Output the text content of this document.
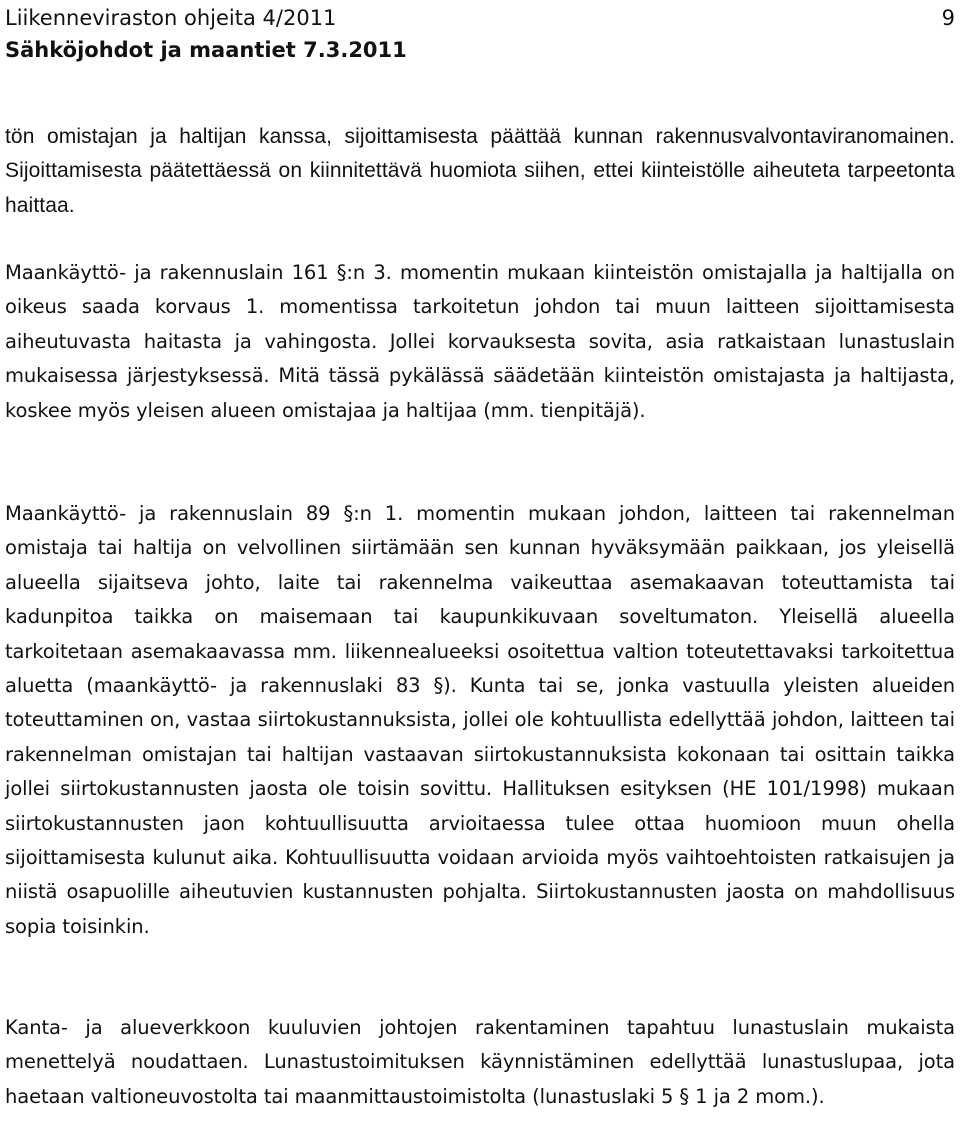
Liikenneviraston ohjeita 4/2011
Sähköjohdot ja maantiet 7.3.2011
9

tön omistajan ja haltijan kanssa, sijoittamisesta päättää kunnan rakennusvalvontaviranomainen. Sijoittamisesta päätettäessä on kiinnitettävä huomiota siihen, ettei kiinteistölle aiheuteta tarpeetonta haittaa.

Maankäyttö- ja rakennuslain 161 §:n 3. momentin mukaan kiinteistön omistajalla ja haltijalla on oikeus saada korvaus 1. momentissa tarkoitetun johdon tai muun laitteen sijoittamisesta aiheutuvasta haitasta ja vahingosta. Jollei korvauksesta sovita, asia ratkaistaan lunastuslain mukaisessa järjestyksessä. Mitä tässä pykälässä säädetään kiinteistön omistajasta ja haltijasta, koskee myös yleisen alueen omistajaa ja haltijaa (mm. tienpitäjä).

Maankäyttö- ja rakennuslain 89 §:n 1. momentin mukaan johdon, laitteen tai rakennelman omistaja tai haltija on velvollinen siirtämään sen kunnan hyväksymään paikkaan, jos yleisellä alueella sijaitseva johto, laite tai rakennelma vaikeuttaa asemakaavan toteuttamista tai kadunpitoa taikka on maisemaan tai kaupunkikuvaan soveltumaton. Yleisellä alueella tarkoitetaan asemakaavassa mm. liikennealueeksi osoitettua valtion toteutettavaksi tarkoitettua aluetta (maankäyttö- ja rakennuslaki 83 §). Kunta tai se, jonka vastuulla yleisten alueiden toteuttaminen on, vastaa siirtokustannuksista, jollei ole kohtuullista edellyttää johdon, laitteen tai rakennelman omistajan tai haltijan vastaavan siirtokustannuksista kokonaan tai osittain taikka jollei siirtokustannusten jaosta ole toisin sovittu. Hallituksen esityksen (HE 101/1998) mukaan siirtokustannusten jaon kohtuullisuutta arvioitaessa tulee ottaa huomioon muun ohella sijoittamisesta kulunut aika. Kohtuullisuutta voidaan arvioida myös vaihtoehtoisten ratkaisujen ja niistä osapuolille aiheutuvien kustannusten pohjalta. Siirtokustannusten jaosta on mahdollisuus sopia toisinkin.

Kanta- ja alueverkkoon kuuluvien johtojen rakentaminen tapahtuu lunastuslain mukaista menettelyä noudattaen. Lunastustoimituksen käynnistäminen edellyttää lunastuslupaa, jota haetaan valtioneuvostolta tai maanmittaustoimistolta (lunastuslaki 5 § 1 ja 2 mom.).
